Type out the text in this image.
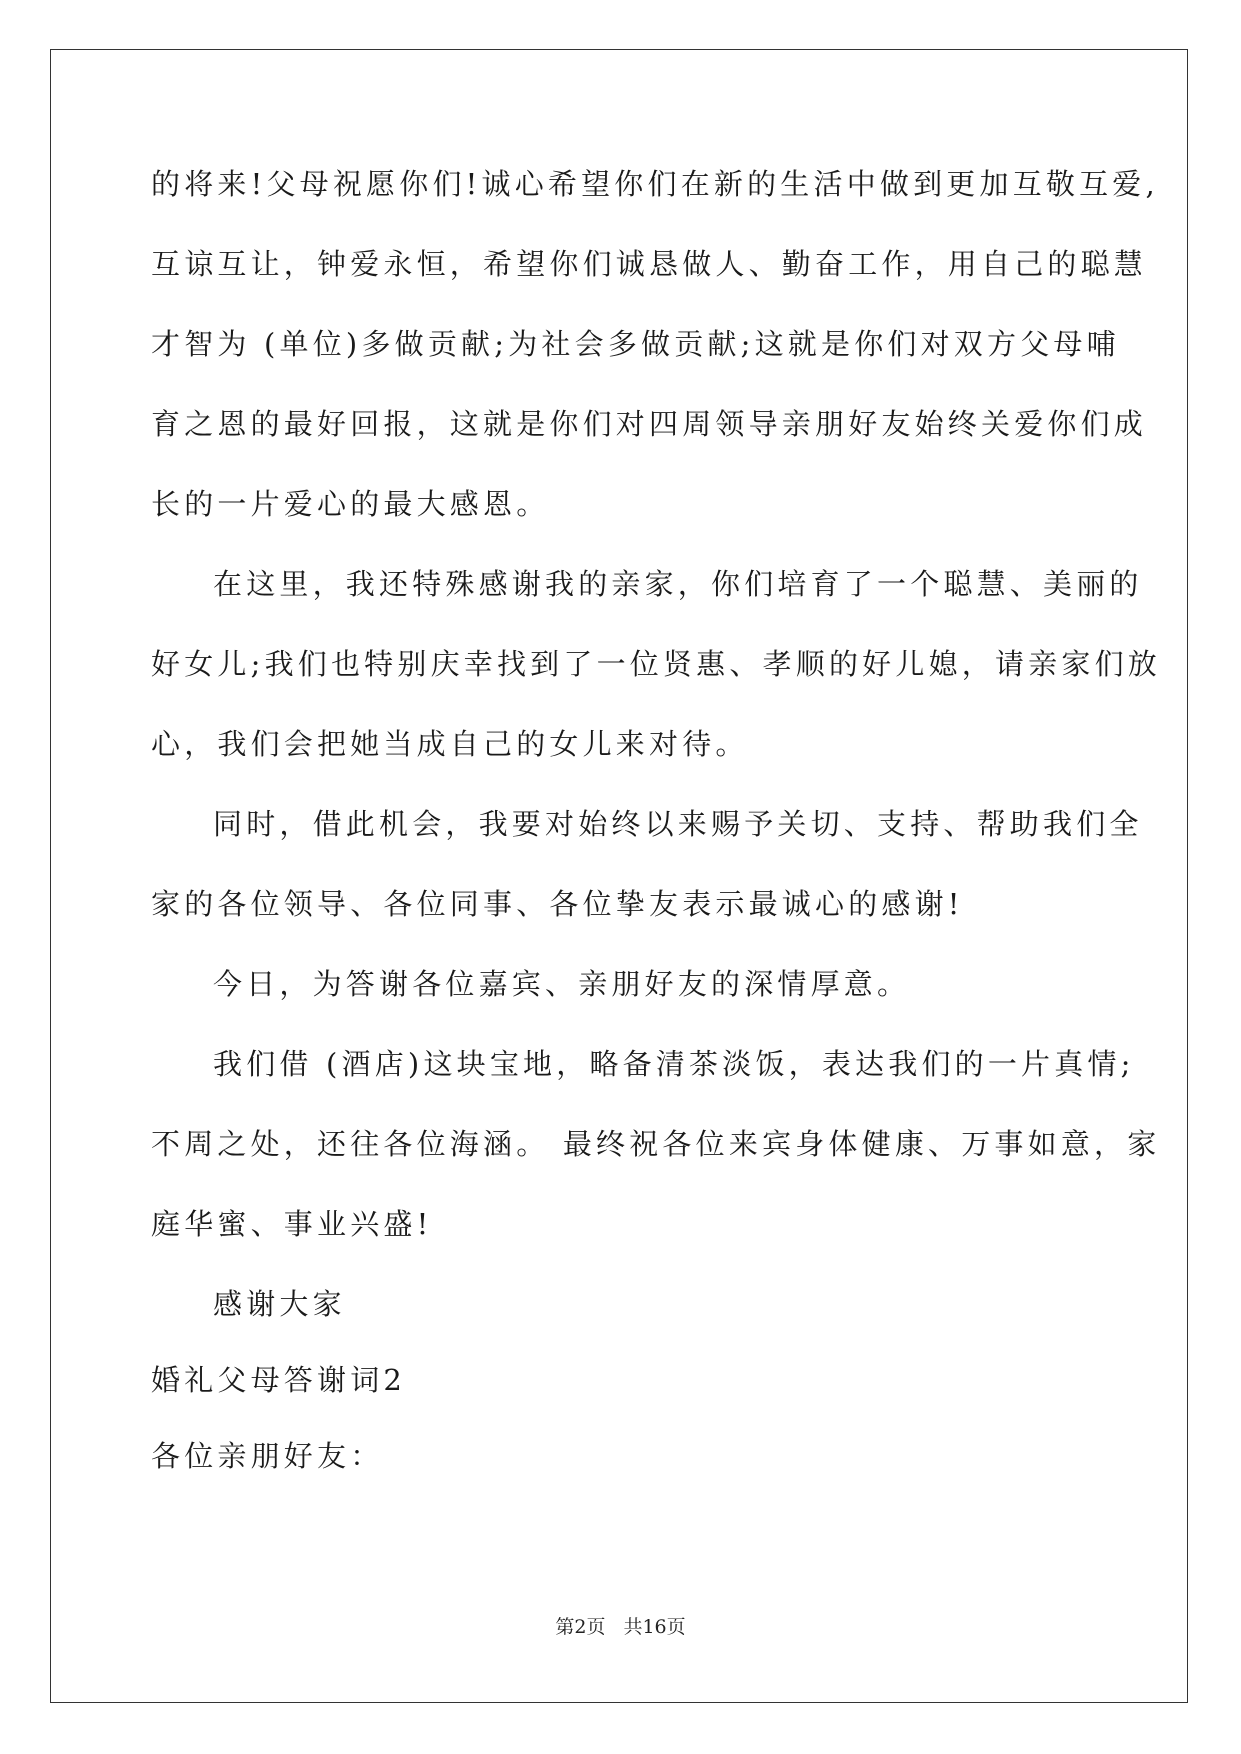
的将来!父母祝愿你们!诚心希望你们在新的生活中做到更加互敬互爱,
互谅互让，钟爱永恒，希望你们诚恳做人、勤奋工作，用自己的聪慧
才智为 (单位)多做贡献;为社会多做贡献;这就是你们对双方父母哺
育之恩的最好回报，这就是你们对四周领导亲朋好友始终关爱你们成
长的一片爱心的最大感恩。
在这里，我还特殊感谢我的亲家，你们培育了一个聪慧、美丽的
好女儿;我们也特别庆幸找到了一位贤惠、孝顺的好儿媳，请亲家们放
心，我们会把她当成自己的女儿来对待。
同时，借此机会，我要对始终以来赐予关切、支持、帮助我们全
家的各位领导、各位同事、各位挚友表示最诚心的感谢!
今日，为答谢各位嘉宾、亲朋好友的深情厚意。
我们借 (酒店)这块宝地，略备清茶淡饭，表达我们的一片真情;
不周之处，还往各位海涵。 最终祝各位来宾身体健康、万事如意，家
庭华蜜、事业兴盛!
感谢大家
婚礼父母答谢词2
各位亲朋好友：
第2页 共16页
